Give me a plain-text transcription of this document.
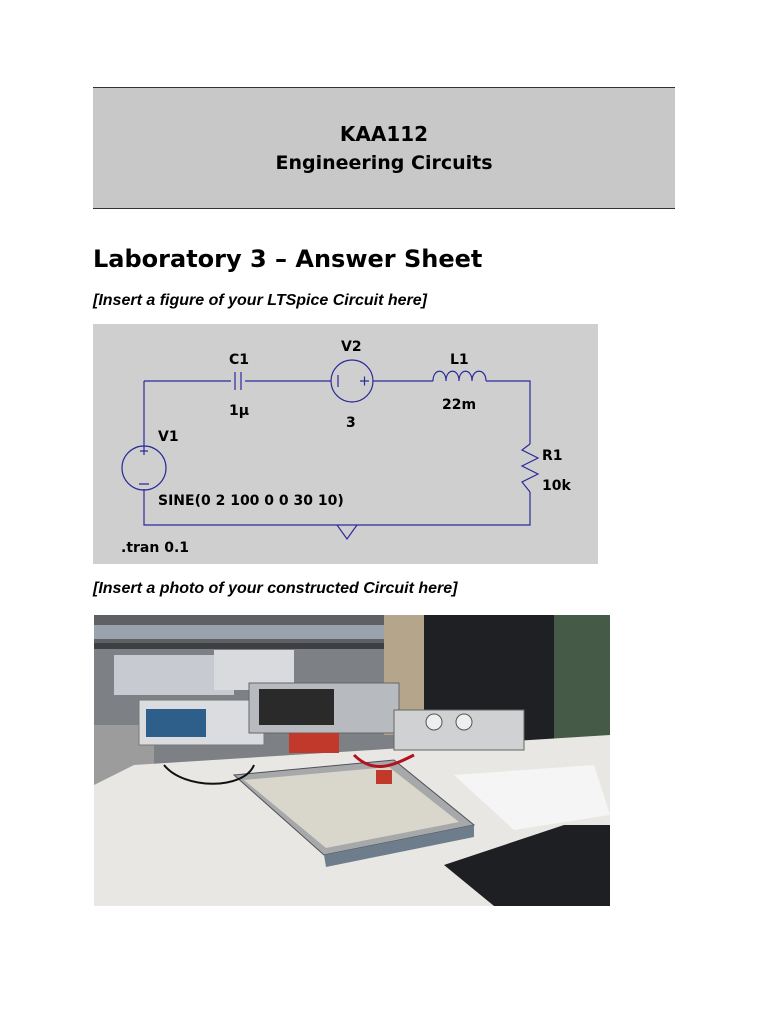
KAA112
Engineering Circuits
Laboratory 3 – Answer Sheet
[Insert a figure of your LTSpice Circuit here]
C1
1μ
V2
3
L1
22m
V1
SINE(0 2 100 0 0 30 10)
R1
10k
.tran 0.1
[Insert a photo of your constructed Circuit here]
